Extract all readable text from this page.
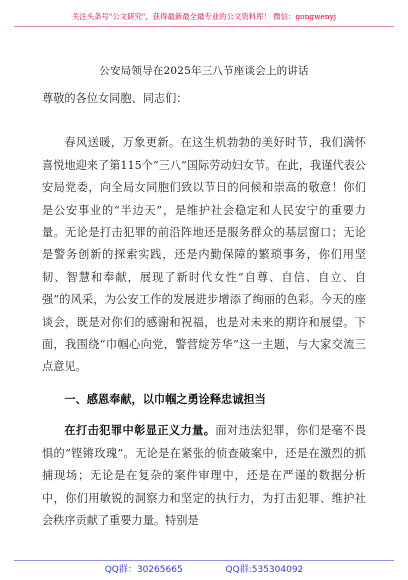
关注头条号"公文研究"，获得最新最全最专业的公文资料库！ 微信：gongwenyj
公安局领导在2025年三八节座谈会上的讲话

尊敬的各位女同胞、同志们：

春风送暖，万象更新。在这生机勃勃的美好时节，我们满怀喜悦地迎来了第115个“三八”国际劳动妇女节。在此，我谨代表公安局党委，向全局女同胞们致以节日的问候和崇高的敬意！你们是公安事业的“半边天”，是维护社会稳定和人民安宁的重要力量。无论是打击犯罪的前沿阵地还是服务群众的基层窗口；无论是警务创新的探索实践，还是内勤保障的繁琐事务，你们用坚韧、智慧和奉献，展现了新时代女性“自尊、自信、自立、自强”的风采，为公安工作的发展进步增添了绚丽的色彩。今天的座谈会，既是对你们的感谢和祝福，也是对未来的期许和展望。下面，我围绕“巾帼心向党，警营绽芳华”这一主题，与大家交流三点意见。

一、感恩奉献，以巾帼之勇诠释忠诚担当

在打击犯罪中彰显正义力量。面对违法犯罪，你们是毫不畏惧的“铿锵玫瑰”。无论是在紧张的侦查破案中，还是在激烈的抓捕现场；无论是在复杂的案件审理中，还是在严谨的数据分析中，你们用敏锐的洞察力和坚定的执行力，为打击犯罪、维护社会秩序贡献了重要力量。特别是

QQ群：30265665	QQ群:535304092
